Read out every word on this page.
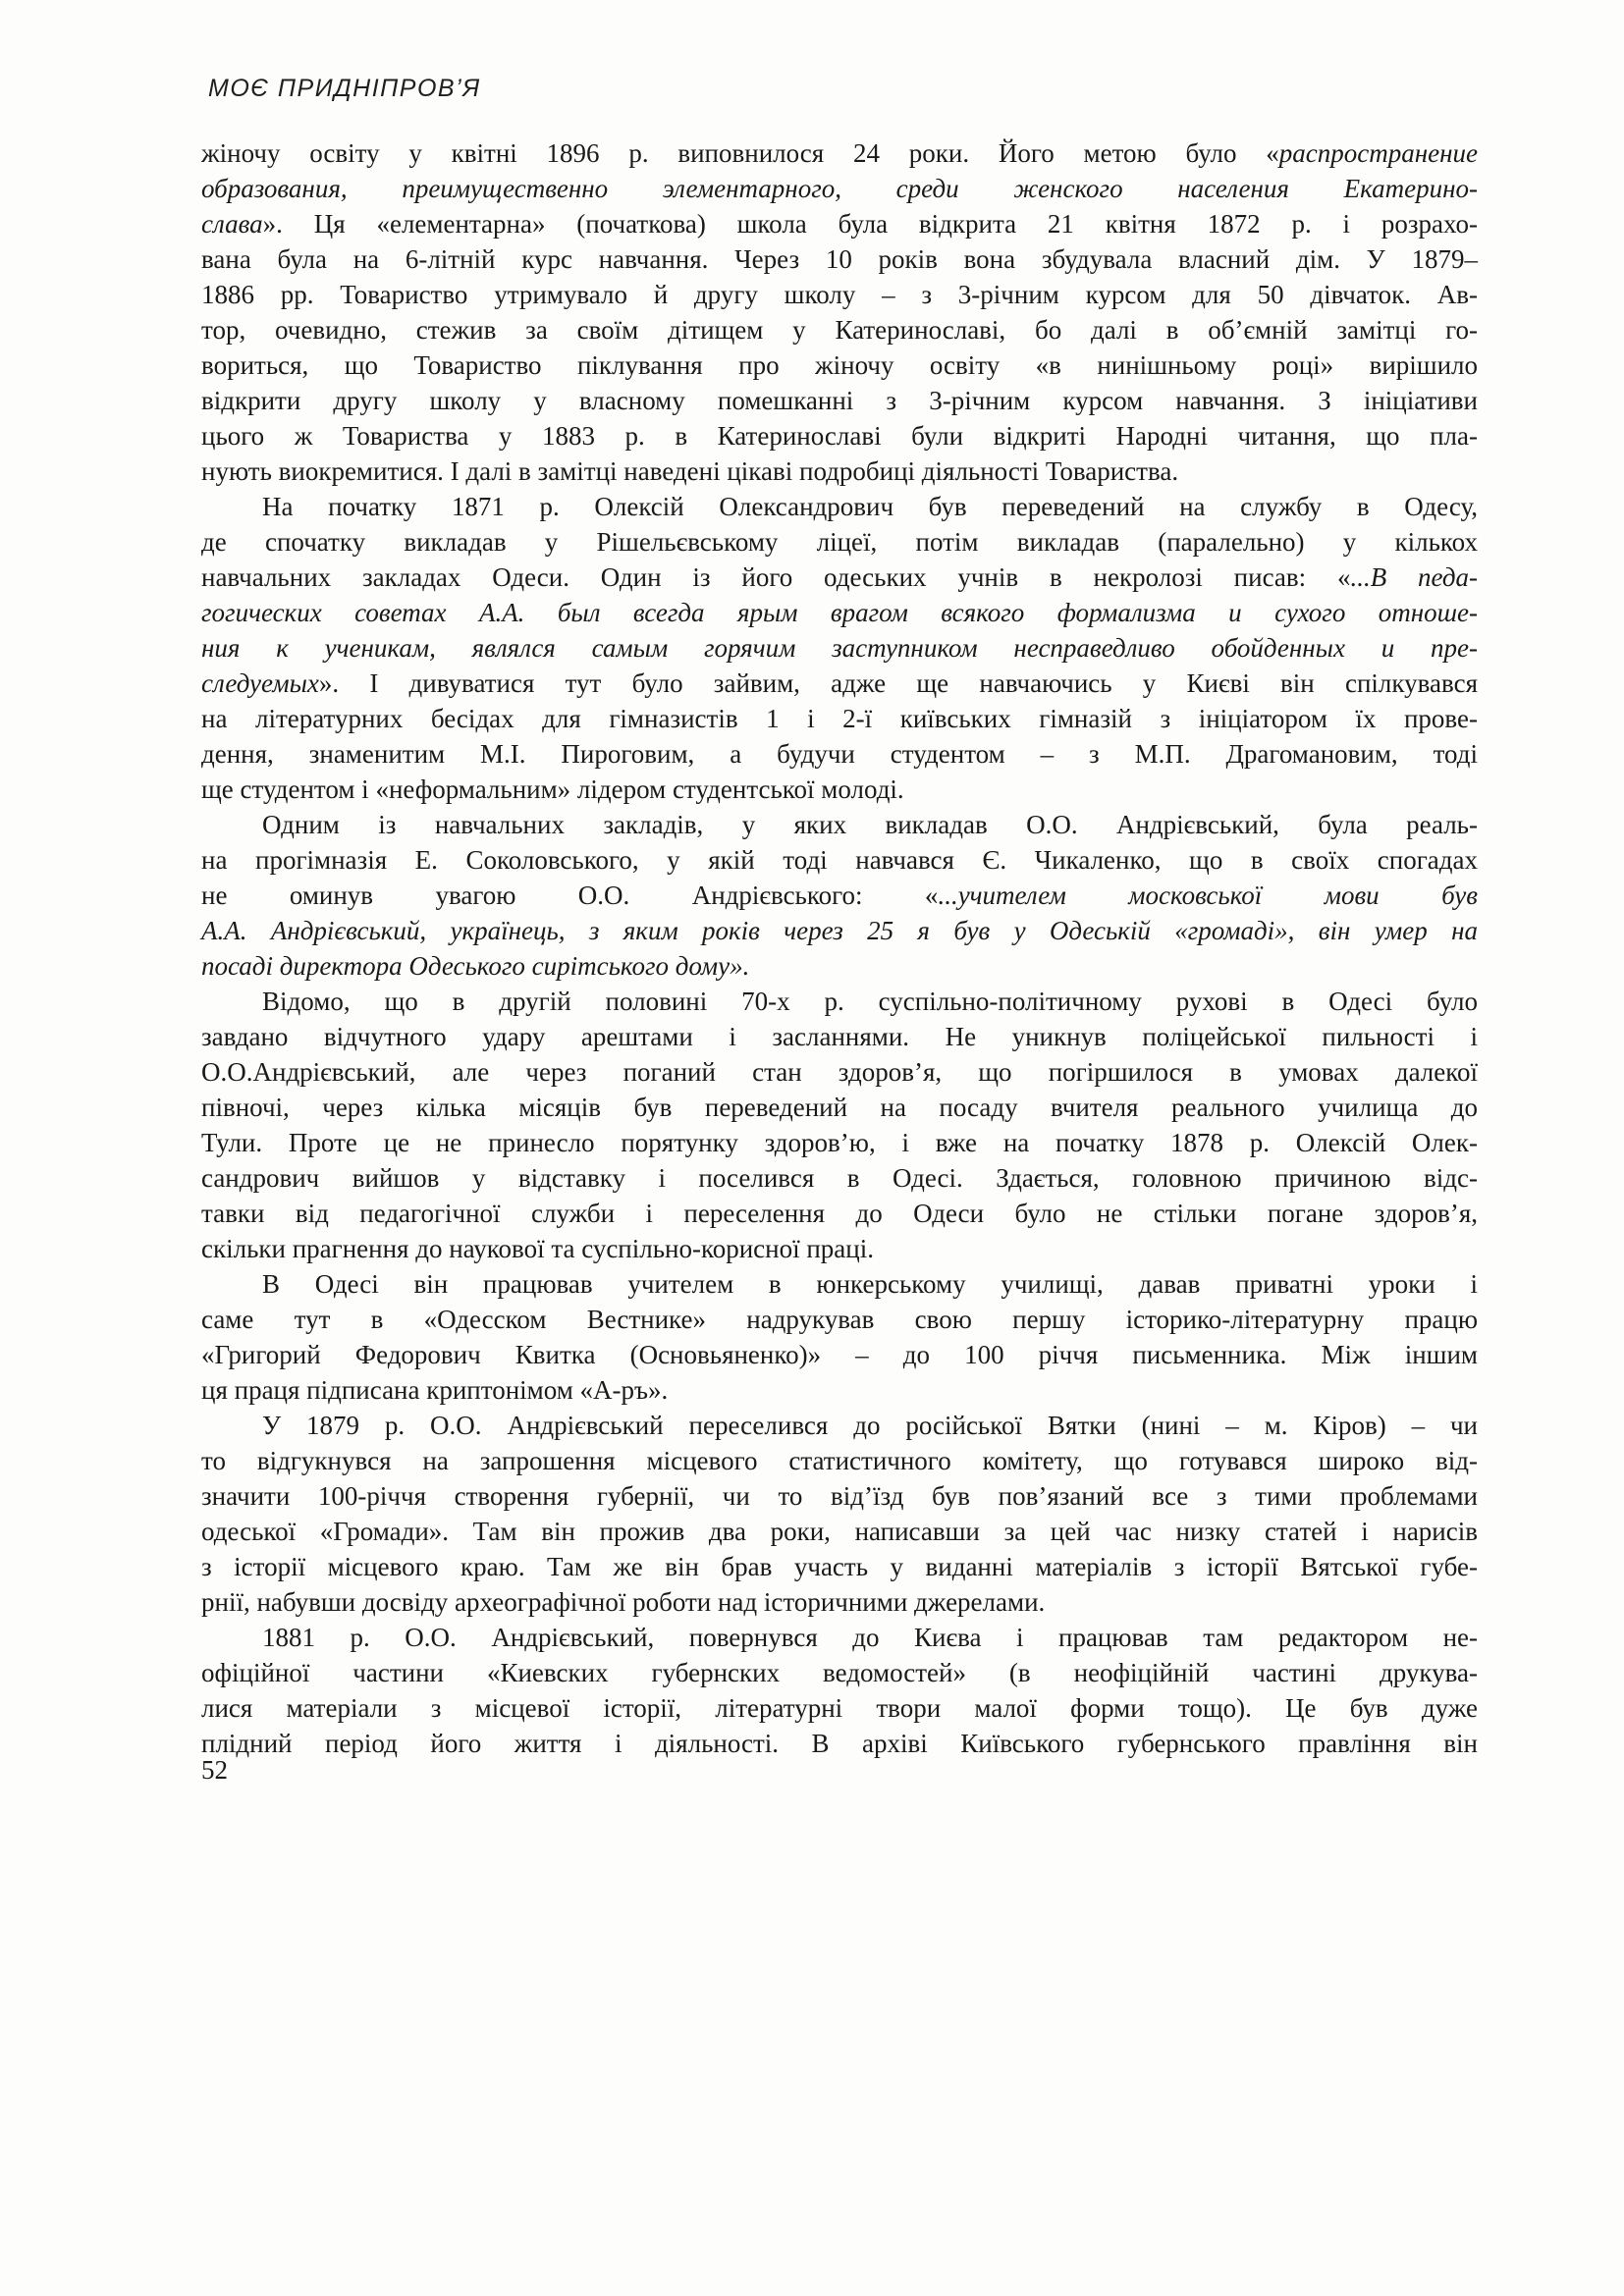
МОЄ ПРИДНІПРОВ’Я
жіночу освіту у квітні 1896 р. виповнилося 24 роки. Його метою було «распространение
образования, преимущественно элементарного, среди женского населения Екатерино-
слава». Ця «елементарна» (початкова) школа була відкрита 21 квітня 1872 р. і розрахо-
вана була на 6-літній курс навчання. Через 10 років вона збудувала власний дім. У 1879–
1886 рр. Товариство утримувало й другу школу – з 3-річним курсом для 50 дівчаток. Ав-
тор, очевидно, стежив за своїм дітищем у Катеринославі, бо далі в об’ємній замітці го-
вориться, що Товариство піклування про жіночу освіту «в нинішньому році» вирішило
відкрити другу школу у власному помешканні з 3-річним курсом навчання. З ініціативи
цього ж Товариства у 1883 р. в Катеринославі були відкриті Народні читання, що пла-
нують виокремитися. І далі в замітці наведені цікаві подробиці діяльності Товариства.
На початку 1871 р. Олексій Олександрович був переведений на службу в Одесу,
де спочатку викладав у Рішельєвському ліцеї, потім викладав (паралельно) у кількох
навчальних закладах Одеси. Один із його одеських учнів в некролозі писав: «...В педа-
гогических советах А.А. был всегда ярым врагом всякого формализма и сухого отноше-
ния к ученикам, являлся самым горячим заступником несправедливо обойденных и пре-
следуемых». І дивуватися тут було зайвим, адже ще навчаючись у Києві він спілкувався
на літературних бесідах для гімназистів 1 і 2-ї київських гімназій з ініціатором їх прове-
дення, знаменитим М.І. Пироговим, а будучи студентом – з М.П. Драгомановим, тоді
ще студентом і «неформальним» лідером студентської молоді.
Одним із навчальних закладів, у яких викладав О.О. Андрієвський, була реаль-
на прогімназія Е. Соколовського, у якій тоді навчався Є. Чикаленко, що в своїх спогадах
не оминув увагою О.О. Андрієвського: «...учителем московської мови був
А.А. Андрієвський, українець, з яким років через 25 я був у Одеській «громаді», він умер на
посаді директора Одеського сирітського дому».
Відомо, що в другій половині 70-х р. суспільно-політичному рухові в Одесі було
завдано відчутного удару арештами і засланнями. Не уникнув поліцейської пильності і
О.О.Андрієвський, але через поганий стан здоров’я, що погіршилося в умовах далекої
півночі, через кілька місяців був переведений на посаду вчителя реального училища до
Тули. Проте це не принесло порятунку здоров’ю, і вже на початку 1878 р. Олексій Олек-
сандрович вийшов у відставку і поселився в Одесі. Здається, головною причиною відс-
тавки від педагогічної служби і переселення до Одеси було не стільки погане здоров’я,
скільки прагнення до наукової та суспільно-корисної праці.
В Одесі він працював учителем в юнкерському училищі, давав приватні уроки і
саме тут в «Одесском Вестнике» надрукував свою першу історико-літературну працю
«Григорий Федорович Квитка (Основьяненко)» – до 100 річчя письменника. Між іншим
ця праця підписана криптонімом «А-ръ».
У 1879 р. О.О. Андрієвський переселився до російської Вятки (нині – м. Кіров) – чи
то відгукнувся на запрошення місцевого статистичного комітету, що готувався широко від-
значити 100-річчя створення губернії, чи то від’їзд був пов’язаний все з тими проблемами
одеської «Громади». Там він прожив два роки, написавши за цей час низку статей і нарисів
з історії місцевого краю. Там же він брав участь у виданні матеріалів з історії Вятської губе-
рнії, набувши досвіду археографічної роботи над історичними джерелами.
1881 р. О.О. Андрієвський, повернувся до Києва і працював там редактором не-
офіційної частини «Киевских губернских ведомостей» (в неофіційній частині друкува-
лися матеріали з місцевої історії, літературні твори малої форми тощо). Це був дуже
плідний період його життя і діяльності. В архіві Київського губернського правління він
52
